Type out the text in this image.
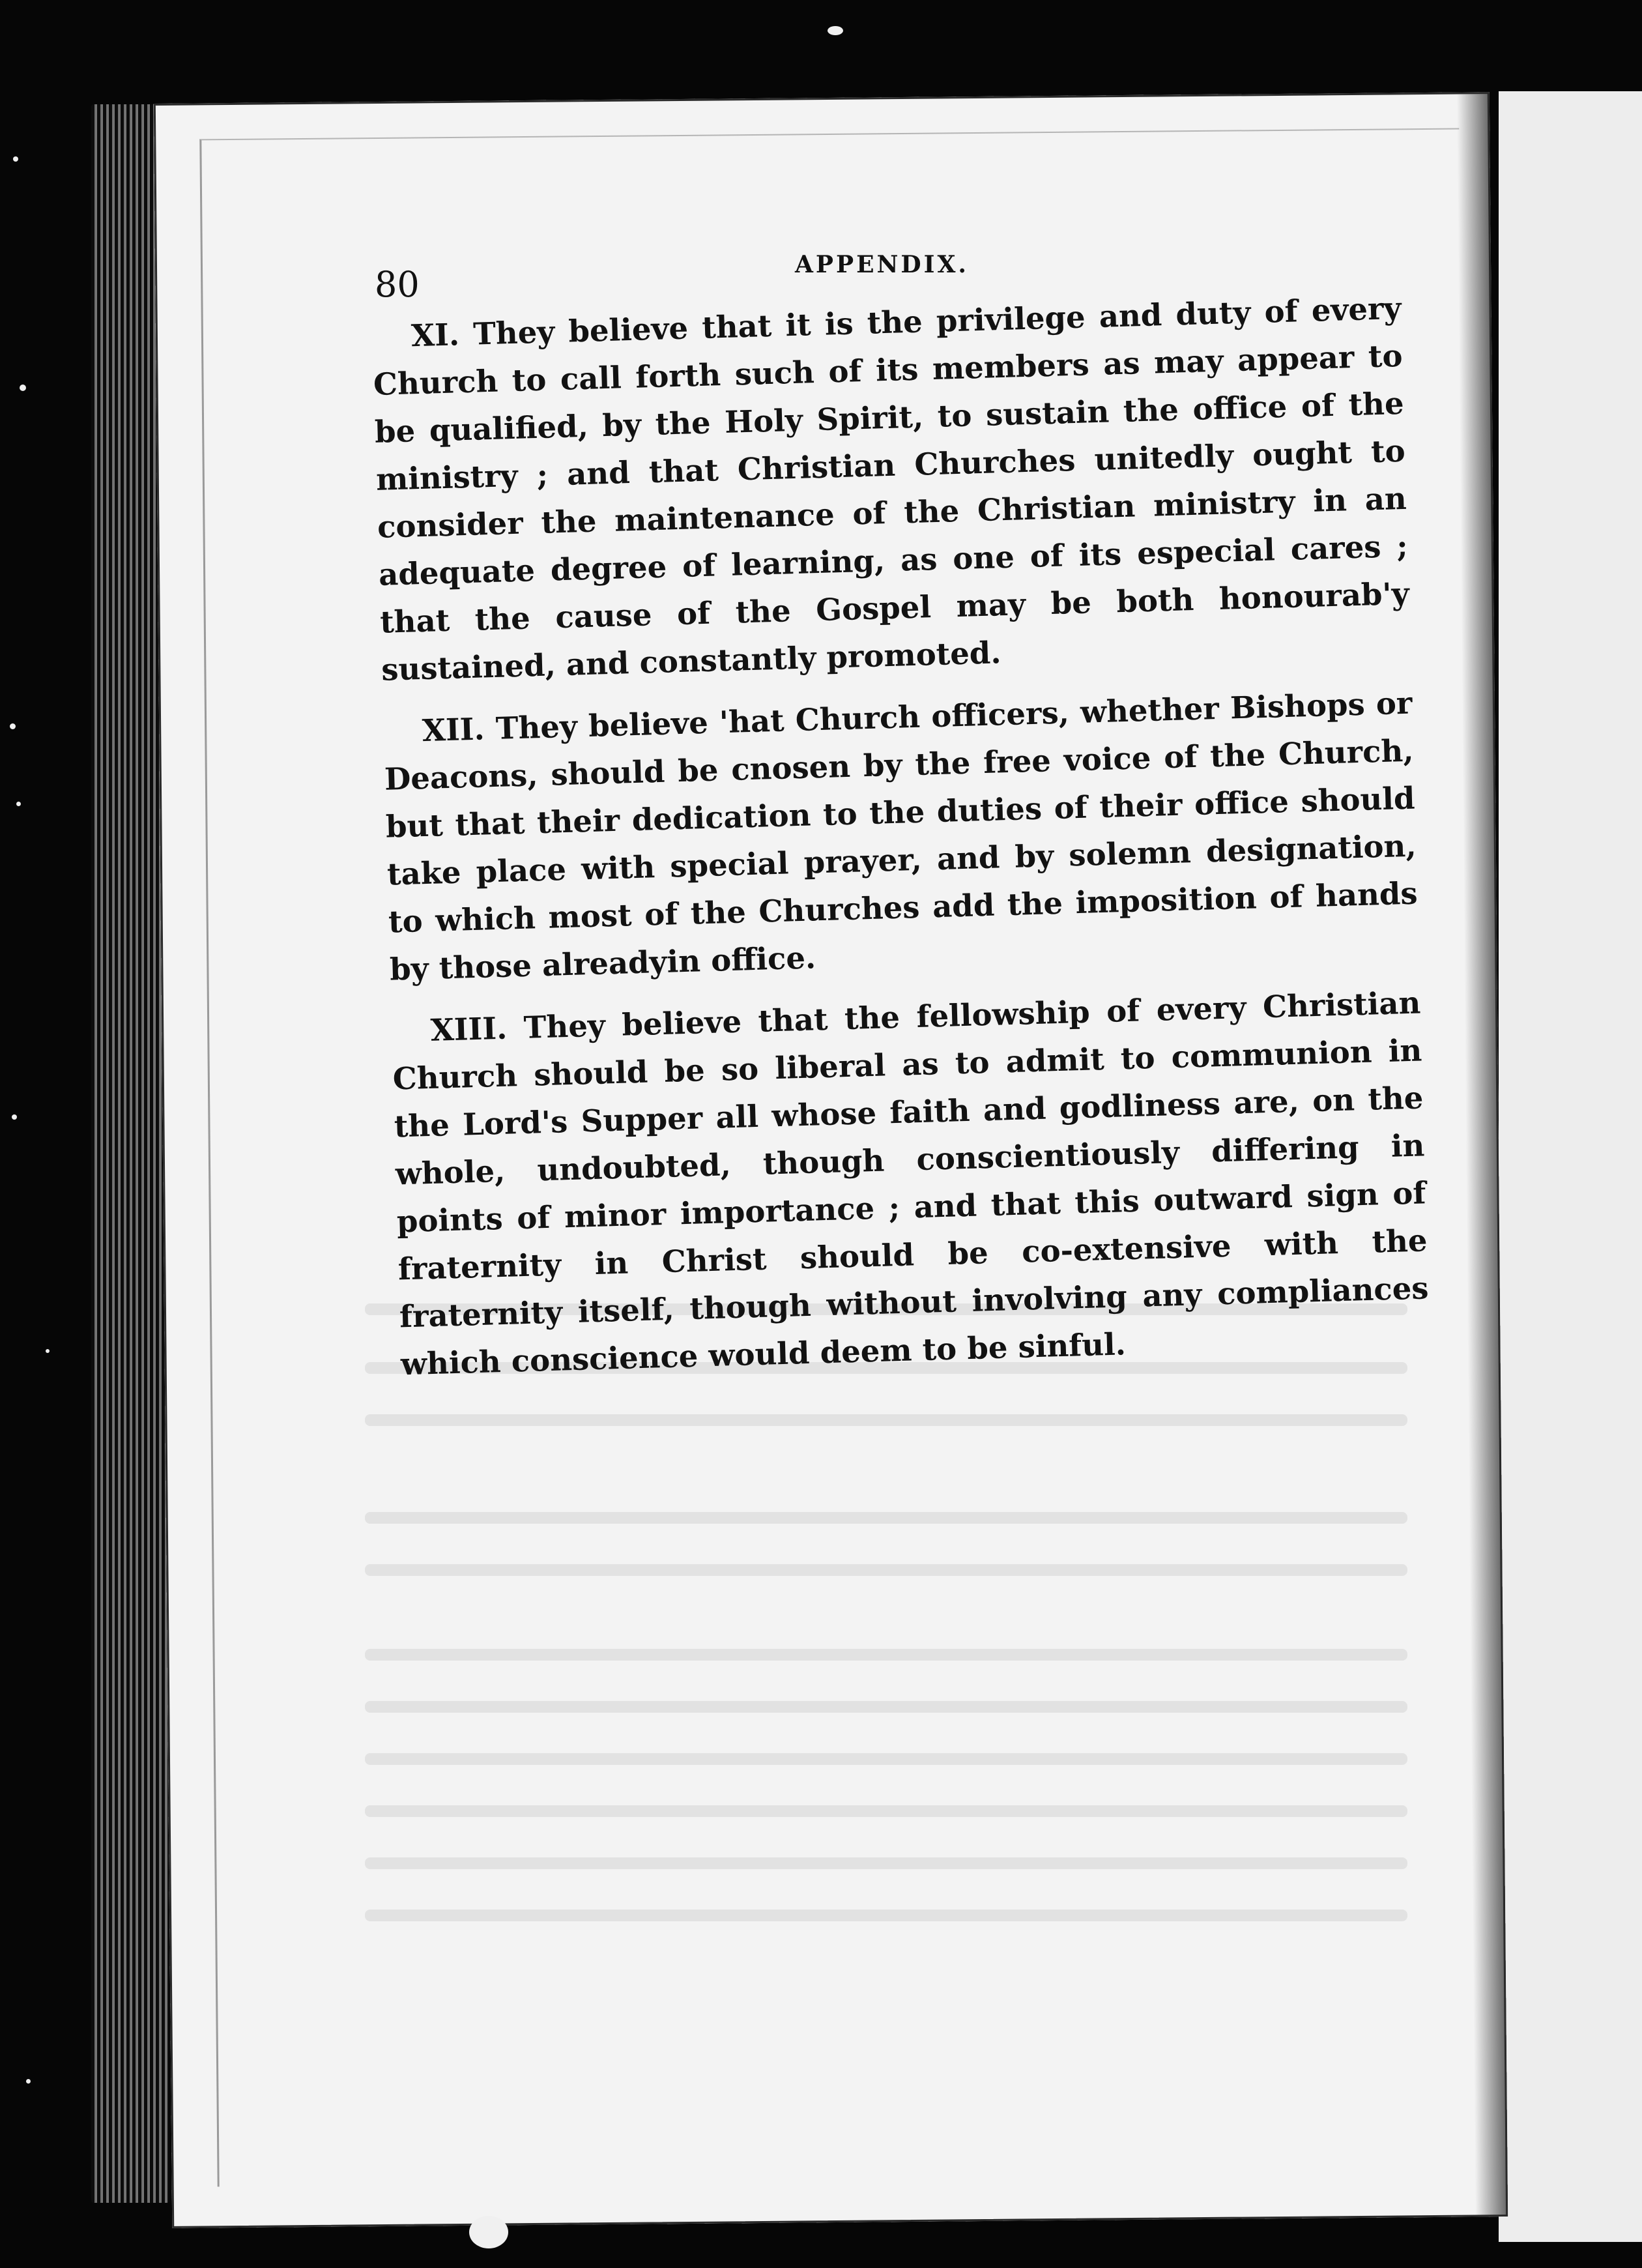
80	APPENDIX.

XI. They believe that it is the privilege and duty of every Church to call forth such of its members as may appear to be qualified, by the Holy Spirit, to sustain the office of the ministry ; and that Christian Churches unitedly ought to consider the maintenance of the Christian ministry in an adequate degree of learning, as one of its especial cares ; that the cause of the Gospel may be both honourab'y sustained, and constantly promoted.

XII. They believe 'hat Church officers, whether Bishops or Deacons, should be cnosen by the free voice of the Church, but that their dedication to the duties of their office should take place with special prayer, and by solemn designation, to which most of the Churches add the imposition of hands by those alreadyin office.

XIII. They believe that the fellowship of every Christian Church should be so liberal as to admit to communion in the Lord's Supper all whose faith and godliness are, on the whole, undoubted, though conscientiously differing in points of minor importance ; and that this outward sign of fraternity in Christ should be co-extensive with the fraternity itself, though without involving any compliances which conscience would deem to be sinful.
